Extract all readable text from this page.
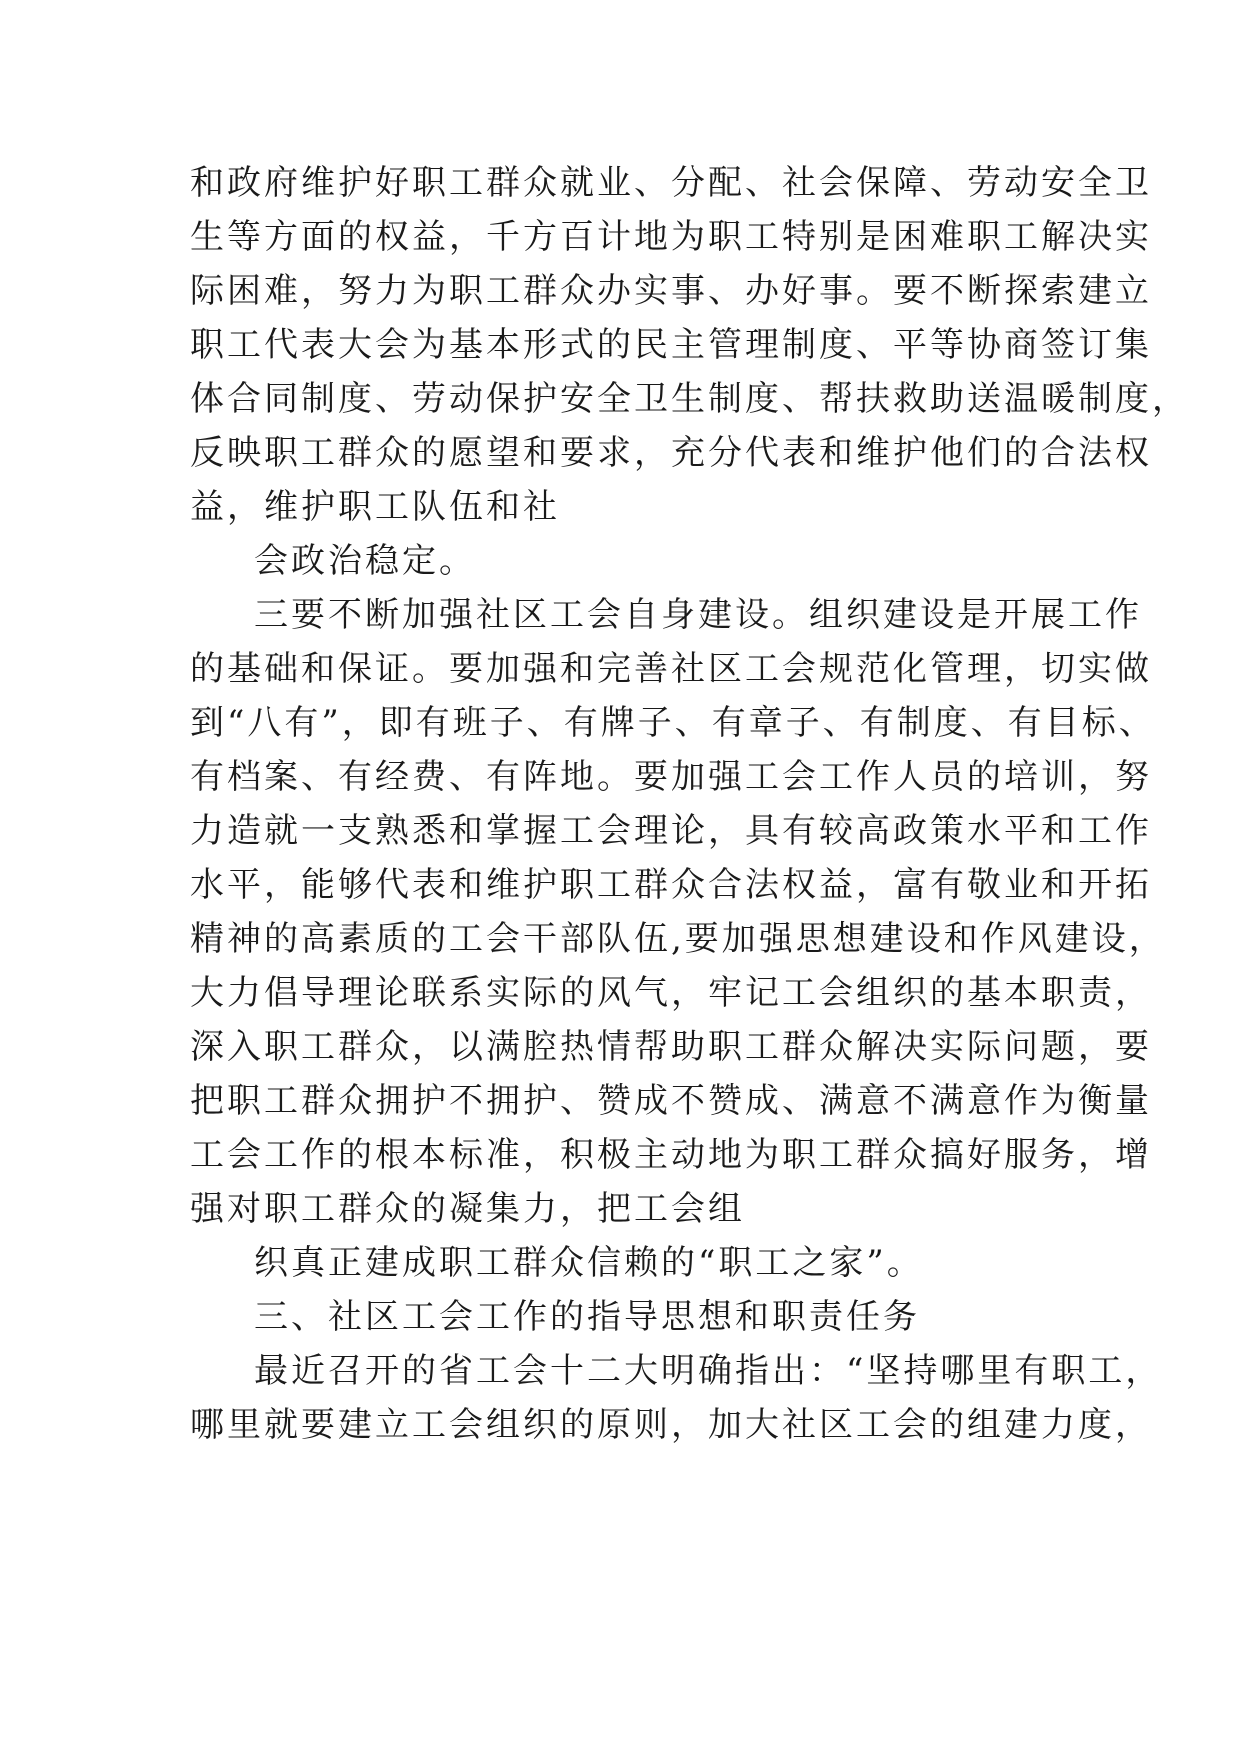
和政府维护好职工群众就业、分配、社会保障、劳动安全卫
生等方面的权益，千方百计地为职工特别是困难职工解决实
际困难，努力为职工群众办实事、办好事。要不断探索建立
职工代表大会为基本形式的民主管理制度、平等协商签订集
体合同制度、劳动保护安全卫生制度、帮扶救助送温暖制度，
反映职工群众的愿望和要求，充分代表和维护他们的合法权
益，维护职工队伍和社
会政治稳定。
三要不断加强社区工会自身建设。组织建设是开展工作
的基础和保证。要加强和完善社区工会规范化管理，切实做
到“八有”，即有班子、有牌子、有章子、有制度、有目标、
有档案、有经费、有阵地。要加强工会工作人员的培训，努
力造就一支熟悉和掌握工会理论，具有较高政策水平和工作
水平，能够代表和维护职工群众合法权益，富有敬业和开拓
精神的高素质的工会干部队伍,要加强思想建设和作风建设，
大力倡导理论联系实际的风气，牢记工会组织的基本职责，
深入职工群众，以满腔热情帮助职工群众解决实际问题，要
把职工群众拥护不拥护、赞成不赞成、满意不满意作为衡量
工会工作的根本标准，积极主动地为职工群众搞好服务，增
强对职工群众的凝集力，把工会组
织真正建成职工群众信赖的“职工之家”。
三、社区工会工作的指导思想和职责任务
最近召开的省工会十二大明确指出：“坚持哪里有职工，
哪里就要建立工会组织的原则，加大社区工会的组建力度，
